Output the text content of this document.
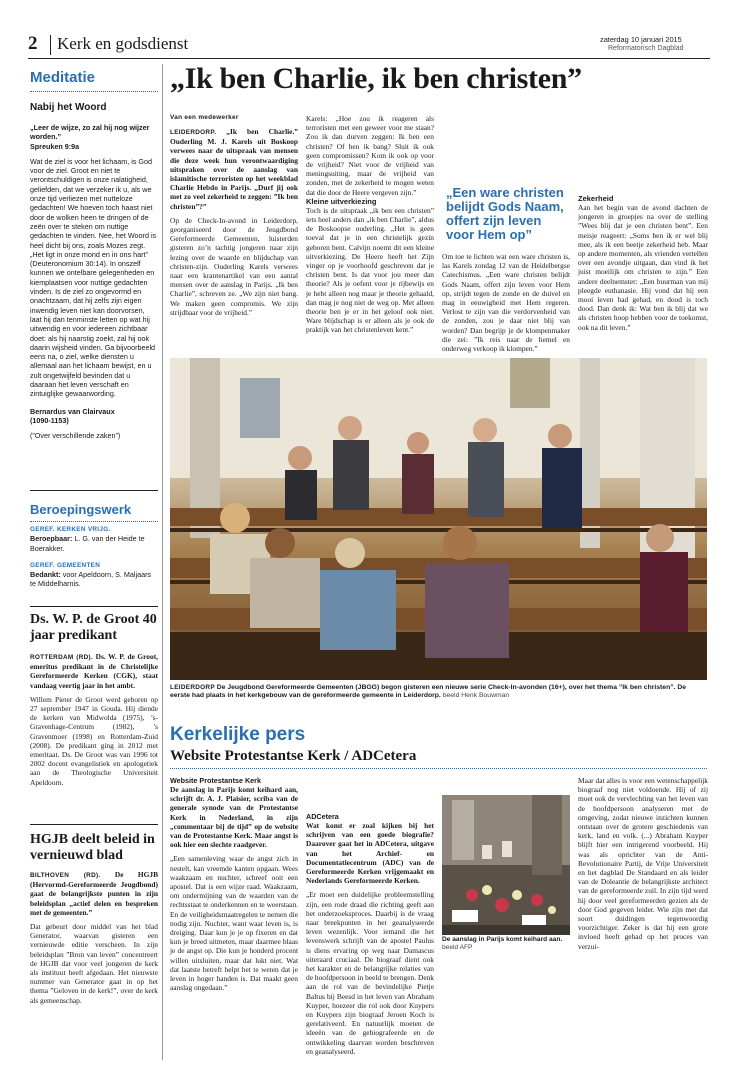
2 Kerk en godsdienst	zaterdag 10 januari 2015
Reformatorisch Dagblad
Meditatie
Nabij het Woord

„Leer de wijze, zo zal hij nog wijzer worden.”

Spreuken 9:9a

Wat de ziel is voor het lichaam, is God voor de ziel. Groot en niet te verontschuldigen is onze nalatigheid, geliefden, dat we verzeker ik u, als we onze tijd verliezen met nutteloze gedachten! We hoeven toch haast niet door de wolken heen te dringen of de zeën over te steken om nuttige gedachten te vinden. Nee, het Woord is heel dicht bij ons, zoals Mozes zegt. „Het ligt in onze mond en in ons hart” (Deuteronomium 30:14). In onszelf kunnen we ontelbare gelegenheden en kiemplaatsen voor nuttige gedachten vinden. Is de ziel zo ongevormd en onachtzaam, dat hij zelfs zijn eigen inwendig leven niet kan doorvorsen, laat hij dan tenminste letten op wat hij uitwendig en voor iedereen zichtbaar doet: als hij naarstig zoekt, zal hij ook daarin wijsheid vinden. Ga bijvoorbeeld eens na, o ziel, welke diensten u allemaal aan het lichaam bewijst, en u zult ongetwijfeld bevinden dat u daaraan het leven verschaft en zintuiglijke gewaarwording.

Bernardus van Clairvaux

(1090-1153)

(”Over verschillende zaken”)

Beroepingswerk

GEREF. KERKEN VRIJG.

Beroepbaar: L. G. van der Heide te Boerakker.

GEREF. GEMEENTEN

Bedankt: voor Apeldoorn, S. Maljaars te Middelharnis.

Ds. W. P. de Groot 40 jaar predikant

ROTTERDAM (RD). Ds. W. P. de Groot, emeritus predikant in de Christelijke Gereformeerde Kerken (CGK), staat vandaag veertig jaar in het ambt.

Willem Pieter de Groot werd geboren op 27 september 1947 in Gouda. Hij diende de kerken van Midwolda (1975), ’s-Gravenhage-Centrum (1982), ’s Gravenmoer (1998) en Rotterdam-Zuid (2008). De predikant ging in 2012 met emeritaat. Ds. De Groot was van 1996 tot 2002 docent evangelistiek en apologetiek aan de Theologische Universiteit Apeldoorn.

HGJB deelt beleid in vernieuwd blad

BILTHOVEN (RD). De HGJB (Hervormd-Gereformeerde Jeugdbond) gaat de belangrijkste punten in zijn beleidsplan „actief delen en bespreken met de gemeenten.”

Dat gebeurt door middel van het blad Generator, waarvan gisteren een vernieuwde editie verscheen. In zijn beleidsplan ”Bron van leven” concentreert de HGJB dat voor veel jongeren de kerk als instituut heeft afgedaan. Het nieuwste nummer van Generator gaat in op het thema ”Geloven in de kerk!”, over de kerk als gemeenschap.

„Ik ben Charlie, ik ben christen”

Van een medewerker

LEIDERDORP. „Ik ben Charlie.” Ouderling M. J. Karels uit Boskoop verwees naar de uitspraak van mensen die deze week hun verontwaardiging uitspraken over de aanslag van islamitische terroristen op het weekblad Charlie Hebdo in Parijs. „Durf jij ook met zo veel zekerheid te zeggen: ”Ik ben christen”?”

Op de Check-In-avond in Leiderdorp, georganiseerd door de Jeugdbond Gereformeerde Gemeenten, luisterden gisteren zo’n tachtig jongeren naar zijn lezing over de waarde en blijdschap van christen-zijn. Ouderling Karels verwees naar een krantenartikel van een aantal mensen over de aanslag in Parijs. „Ik ben Charlie”, schreven ze. „We zijn niet bang. We maken geen compromis. We zijn strijdbaar voor de vrijheid.”

Karels: „Hoe zou ik reageren als terroristen met een geweer voor me staan? Zou ik dan durven zeggen: Ik ben een christen? Of ben ik bang? Sluit ik ook geen compromissen? Kom ik ook op voor de vrijheid? Niet voor de vrijheid van meningsuiting, maar de vrijheid van zonden, met de zekerheid te mogen weten dat die door de Heere vergeven zijn.”

Kleine uitverkiezing

Toch is de uitspraak „ik ben een christen” iets heel anders dan „ik ben Charlie”, aldus de Boskoopse ouderling. „Het is geen toeval dat je in een christelijk gezin geboren bent. Calvijn noemt dit een kleine uitverkiezing. De Heere heeft het Zijn vinger op je voorhoofd geschreven dat je christen bent. Is dat voor jou meer dan theorie? Als je oefent voor je rijbewijs en je hebt alleen nog maar je theorie gehaald, dan mag je nog niet de weg op. Met alleen theorie ben je er in het geloof ook niet. Ware blijdschap is er alleen als je ook de praktijk van het christenleven kent.”

„Een ware christen belijdt Gods Naam, offert zijn leven voor Hem op”

Om toe te lichten wat een ware christen is, las Karels zondag 12 van de Heidelbergse Catechismus. „Een ware christen belijdt Gods Naam, offert zijn leven voor Hem op, strijdt tegen de zonde en de duivel en mag in eeuwigheid met Hem regeren. Verlost te zijn van die verdorvenheid van de zonden, zou je daar niet blij van worden? Dan begrijp je de klompenmaker die zei: ”Ik reis naar de hemel en onderweg verkoop ik klompen.”

Zekerheid

Aan het begin van de avond dachten de jongeren in groepjes na over de stelling ”Wees blij dat je een christen bent”. Een meisje reageert: „Soms ben ik er wel blij mee, als ik een beetje zekerheid heb. Maar op andere momenten, als vrienden vertellen over een avondje uitgaan, dan vind ik het juist moeilijk om christen te zijn.” Een andere deelnemster: „Een buurman van mij pleegde euthanasie. Hij vond dat hij een mooi leven had gehad, en dood is toch dood. Dan denk ik: Wat ben ik blij dat we als christen hoop hebben voor de toekomst, ook na dit leven.”

LEIDERDORP De Jeugdbond Gereformeerde Gemeenten (JBGG) begon gisteren een nieuwe serie Check-In-avonden (16+), over het thema ”Ik ben christen”. De eerste had plaats in het kerkgebouw van de gereformeerde gemeente in Leiderdorp. beeld Henk Bouwman
Kerkelijke pers
Website Protestantse Kerk / ADCetera

Website Protestantse Kerk

De aanslag in Parijs komt keihard aan, schrijft dr. A. J. Plaisier, scriba van de generale synode van de Protestantse Kerk in Nederland, in zijn „commentaar bij de tijd” op de website van de Protestantse Kerk. Maar angst is ook hier een slechte raadgever.

„Een samenleving waar de angst zich in nestelt, kan vreemde kanten opgaan. Wees waakzaam en nuchter, schreef ooit een apostel. Dat is een wijze raad. Waakzaam, om ondermijning van de waarden van de rechtsstaat te onderkennen en te weerstaan. En de veiligheidsmaatregelen te nemen die nodig zijn. Nuchter, want waar leven is, is dreiging. Daar kun je je op fixeren en dat kun je breed uitmeten, maar daarmee blaas je de angst op. Die kun je honderd procent willen uitsluiten, maar dat lukt niet. Wat dat laatste betreft helpt het te weten dat je leven in hoger handen is. Dat maakt geen aanslag ongedaan.”

ADCetera

Wat komt er zoal kijken bij het schrijven van een goede biografie? Daarover gaat het in ADCetera, uitgave van het Archief- en Documentatiecentrum (ADC) van de Gereformeerde Kerken vrijgemaakt en Nederlands Gereformeerde Kerken.

„Er moet een duidelijke probleemstelling zijn, een rode draad die richting geeft aan het onderzoeksproces. Daarbij is de vraag naar breekpunten in het geanalyseerde leven wezenlijk. Voor iemand die het levenswerk schrijft van de apostel Paulus is diens ervaring op weg naar Damascus uiteraard cruciaal. De biograaf dient ook het karakter en de belangrijke relaties van de hoofdpersoon in beeld te brengen. Denk aan de rol van de bevindelijke Pietje Baltus bij Beesd in het leven van Abraham Kuyper, hoezeer die rol ook door Kuypers en Kuypers zijn biograaf Jeroen Koch is gerelativeerd. En natuurlijk moeten de ideeën van de gebiografeerde en de ontwikkeling daarvan worden beschreven en geanalyseerd.

De aanslag in Parijs komt keihard aan. beeld AFP

Maar dat alles is voor een wetenschappelijk biograaf nog niet voldoende. Hij of zij moet ook de vervlechting van het leven van de hoofdpersoon analyseren met de omgeving, zodat nieuwe inzichten kunnen ontstaan over de grotere geschiedenis van kerk, land en volk. (...) Abraham Kuyper blijft hier een intrigerend voorbeeld. Hij was als oprichter van de Anti-Revolutionaire Partij, de Vrije Universiteit en het dagblad De Standaard en als leider van de Doleantie de belangrijkste architect van de gereformeerde zuil. In zijn tijd werd hij door veel gereformeerden gezien als de door God gegeven leider. Wie zijn met dat soort duidingen tegenwoordig voorzichtiger. Zeker is dat hij een grote invloed heeft gehad op het proces van verzui-
